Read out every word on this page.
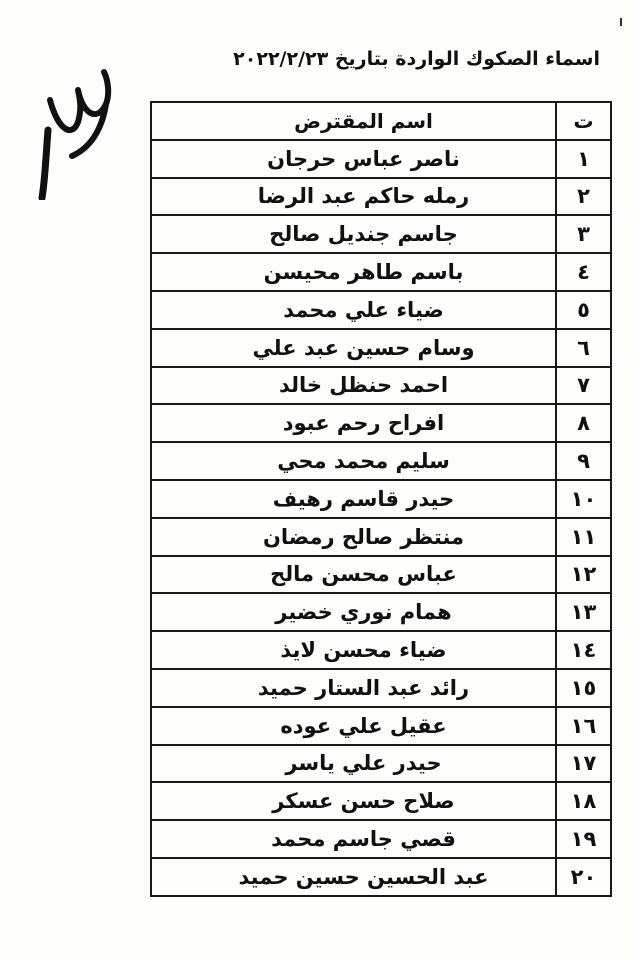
اسماء الصكوك الواردة بتاريخ ٢٠٢٢/٢/٢٣
ت	اسم المقترض
١	ناصر عباس حرجان
٢	رمله حاكم عبد الرضا
٣	جاسم جنديل صالح
٤	باسم طاهر محيسن
٥	ضياء علي محمد
٦	وسام حسين عبد علي
٧	احمد حنظل خالد
٨	افراح رحم عبود
٩	سليم محمد محي
١٠	حيدر قاسم رهيف
١١	منتظر صالح رمضان
١٢	عباس محسن مالح
١٣	همام نوري خضير
١٤	ضياء محسن لايذ
١٥	رائد عبد الستار حميد
١٦	عقيل علي عوده
١٧	حيدر علي ياسر
١٨	صلاح حسن عسكر
١٩	قصي جاسم محمد
٢٠	عبد الحسين حسين حميد
